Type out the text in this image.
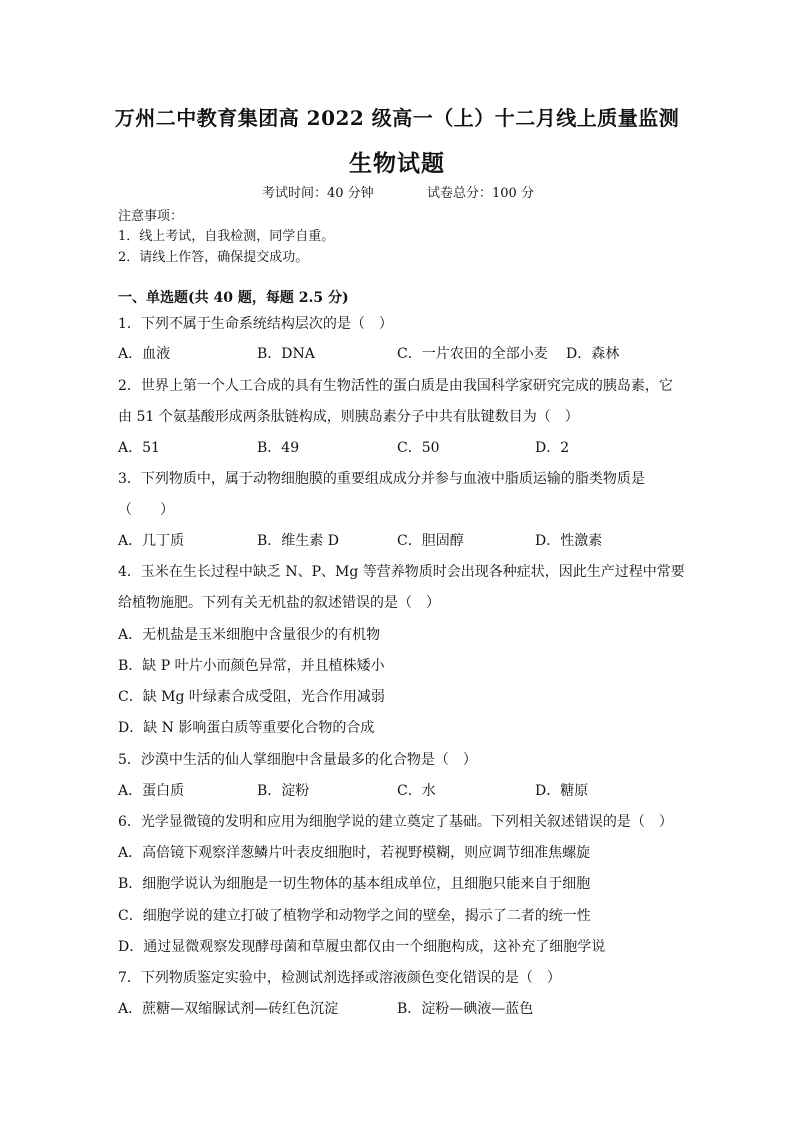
万州二中教育集团高 2022 级高一（上）十二月线上质量监测
生物试题
考试时间：40 分钟	试卷总分：100 分
注意事项：
1．线上考试，自我检测，同学自重。
2．请线上作答，确保提交成功。
一、单选题(共 40 题，每题 2.5 分)
1．下列不属于生命系统结构层次的是（　）
A．血液	B．DNA	C．一片农田的全部小麦 D．森林
2．世界上第一个人工合成的具有生物活性的蛋白质是由我国科学家研究完成的胰岛素，它
由 51 个氨基酸形成两条肽链构成，则胰岛素分子中共有肽键数目为（　）
A．51	B．49	C．50	D．2
3．下列物质中，属于动物细胞膜的重要组成成分并参与血液中脂质运输的脂类物质是
（　　）
A．几丁质	B．维生素 D	C．胆固醇	D．性激素
4．玉米在生长过程中缺乏 N、P、Mg 等营养物质时会出现各种症状，因此生产过程中常要
给植物施肥。下列有关无机盐的叙述错误的是（　）
A．无机盐是玉米细胞中含量很少的有机物
B．缺 P 叶片小而颜色异常，并且植株矮小
C．缺 Mg 叶绿素合成受阻，光合作用减弱
D．缺 N 影响蛋白质等重要化合物的合成
5．沙漠中生活的仙人掌细胞中含量最多的化合物是（　）
A．蛋白质	B．淀粉	C．水	D．糖原
6．光学显微镜的发明和应用为细胞学说的建立奠定了基础。下列相关叙述错误的是（　）
A．高倍镜下观察洋葱鳞片叶表皮细胞时，若视野模糊，则应调节细准焦螺旋
B．细胞学说认为细胞是一切生物体的基本组成单位，且细胞只能来自于细胞
C．细胞学说的建立打破了植物学和动物学之间的壁垒，揭示了二者的统一性
D．通过显微观察发现酵母菌和草履虫都仅由一个细胞构成，这补充了细胞学说
7．下列物质鉴定实验中，检测试剂选择或溶液颜色变化错误的是（　）
A．蔗糖—双缩脲试剂—砖红色沉淀	B．淀粉—碘液—蓝色
